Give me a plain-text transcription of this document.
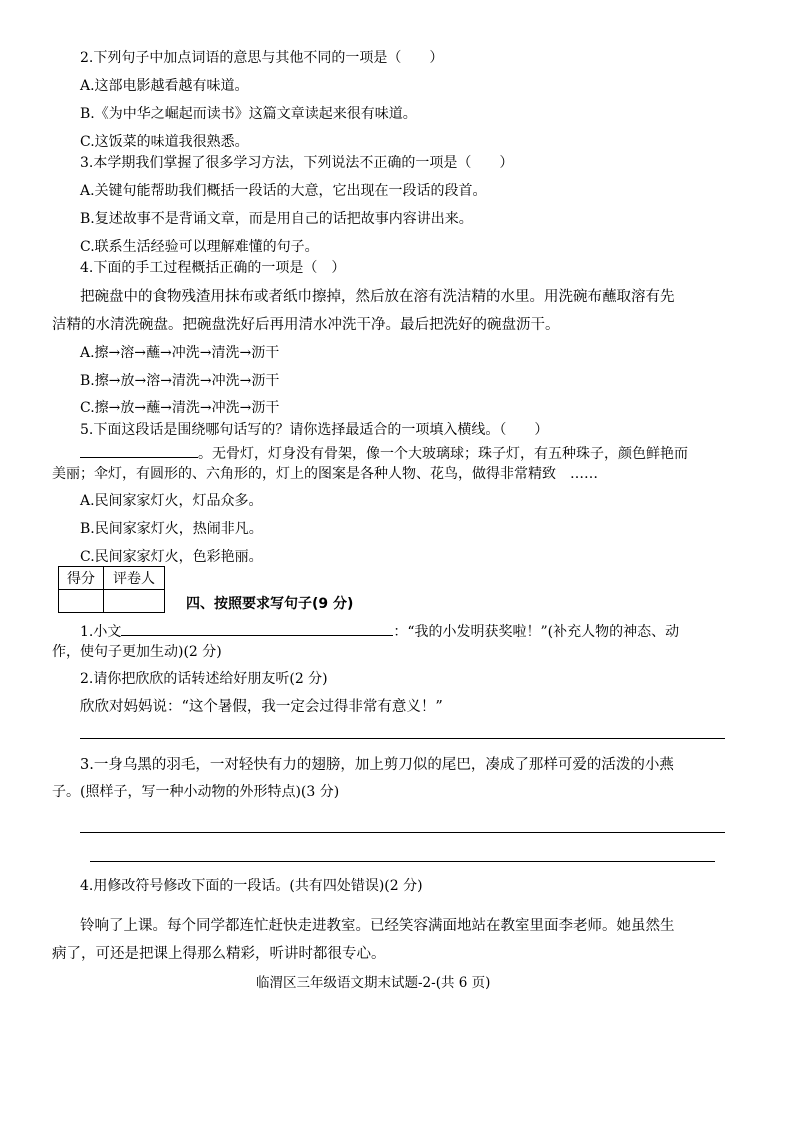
2.下列句子中加点词语的意思与其他不同的一项是（　　）
A.这部电影越看越有味道。
B.《为中华之崛起而读书》这篇文章读起来很有味道。
C.这饭菜的味道我很熟悉。
3.本学期我们掌握了很多学习方法，下列说法不正确的一项是（　　）
A.关键句能帮助我们概括一段话的大意，它出现在一段话的段首。
B.复述故事不是背诵文章，而是用自己的话把故事内容讲出来。
C.联系生活经验可以理解难懂的句子。
4.下面的手工过程概括正确的一项是（　）
把碗盘中的食物残渣用抹布或者纸巾擦掉，然后放在溶有洗洁精的水里。用洗碗布蘸取溶有先
洁精的水清洗碗盘。把碗盘洗好后再用清水冲洗干净。最后把洗好的碗盘沥干。
A.擦→溶→蘸→冲洗→清洗→沥干
B.擦→放→溶→清洗→冲洗→沥干
C.擦→放→蘸→清洗→冲洗→沥干
5.下面这段话是围绕哪句话写的？请你选择最适合的一项填入横线。（　　）
。无骨灯，灯身没有骨架，像一个大玻璃球；珠子灯，有五种珠子，颜色鲜艳而
美丽；伞灯，有圆形的、六角形的，灯上的图案是各种人物、花鸟，做得非常精致　……
A.民间家家灯火，灯品众多。
B.民间家家灯火，热闹非凡。
C.民间家家灯火，色彩艳丽。
得分	评卷人

四、按照要求写句子(9 分)
1.小文	：“我的小发明获奖啦！”(补充人物的神态、动
作，使句子更加生动)(2 分)
2.请你把欣欣的话转述给好朋友听(2 分)
欣欣对妈妈说：“这个暑假，我一定会过得非常有意义！”
3.一身乌黑的羽毛，一对轻快有力的翅膀，加上剪刀似的尾巴，凑成了那样可爱的活泼的小燕
子。(照样子，写一种小动物的外形特点)(3 分)
4.用修改符号修改下面的一段话。(共有四处错误)(2 分)
铃响了上课。每个同学都连忙赶快走进教室。已经笑容满面地站在教室里面李老师。她虽然生
病了，可还是把课上得那么精彩，听讲时都很专心。
临渭区三年级语文期末试题-2-(共 6 页)
